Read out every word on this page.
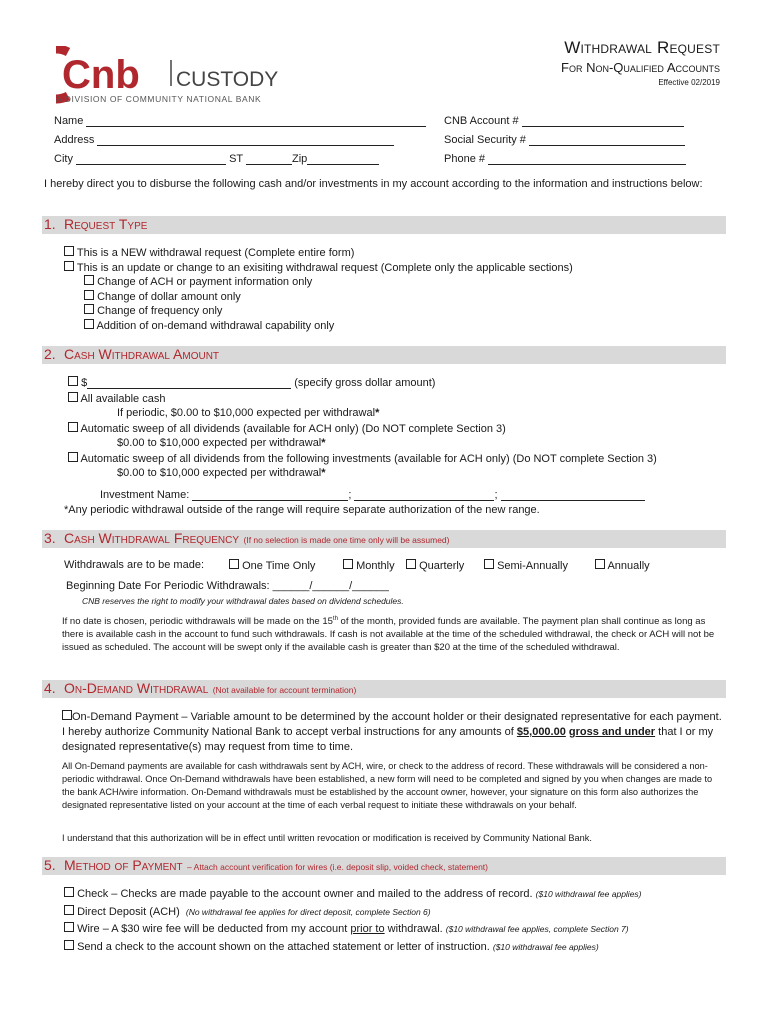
Cnb CUSTODY
A DIVISION OF COMMUNITY NATIONAL BANK
Withdrawal Request
For Non-Qualified Accounts
Effective 02/2019
Name	CNB Account #
Address	Social Security #
City	ST	Zip	Phone #
I hereby direct you to disburse the following cash and/or investments in my account according to the information and instructions below:
1. Request Type
This is a NEW withdrawal request (Complete entire form)
This is an update or change to an exisiting withdrawal request (Complete only the applicable sections)
Change of ACH or payment information only
Change of dollar amount only
Change of frequency only
Addition of on-demand withdrawal capability only
2. Cash Withdrawal Amount
$	(specify gross dollar amount)
All available cash
If periodic, $0.00 to $10,000 expected per withdrawal*
Automatic sweep of all dividends (available for ACH only) (Do NOT complete Section 3)
$0.00 to $10,000 expected per withdrawal*
Automatic sweep of all dividends from the following investments (available for ACH only) (Do NOT complete Section 3)
$0.00 to $10,000 expected per withdrawal*
Investment Name:	;	;
*Any periodic withdrawal outside of the range will require separate authorization of the new range.
3. Cash Withdrawal Frequency (If no selection is made one time only will be assumed)
Withdrawals are to be made:	One Time Only	Monthly	Quarterly	Semi-Annually	Annually
Beginning Date For Periodic Withdrawals: ______/______/______
CNB reserves the right to modify your withdrawal dates based on dividend schedules.
If no date is chosen, periodic withdrawals will be made on the 15th of the month, provided funds are available. The payment plan shall continue as long as there is available cash in the account to fund such withdrawals. If cash is not available at the time of the scheduled withdrawal, the check or ACH will not be issued as scheduled. The account will be swept only if the available cash is greater than $20 at the time of the scheduled withdrawal.
4. On-Demand Withdrawal (Not available for account termination)
On-Demand Payment – Variable amount to be determined by the account holder or their designated representative for each payment. I hereby authorize Community National Bank to accept verbal instructions for any amounts of $5,000.00 gross and under that I or my designated representative(s) may request from time to time.
All On-Demand payments are available for cash withdrawals sent by ACH, wire, or check to the address of record. These withdrawals will be considered a non-periodic withdrawal. Once On-Demand withdrawals have been established, a new form will need to be completed and signed by you when changes are made to the bank ACH/wire information. On-Demand withdrawals must be established by the account owner, however, your signature on this form also authorizes the designated representative listed on your account at the time of each verbal request to initiate these withdrawals on your behalf.
I understand that this authorization will be in effect until written revocation or modification is received by Community National Bank.
5. Method of Payment – Attach account verification for wires (i.e. deposit slip, voided check, statement)
Check – Checks are made payable to the account owner and mailed to the address of record. ($10 withdrawal fee applies)
Direct Deposit (ACH) (No withdrawal fee applies for direct deposit, complete Section 6)
Wire – A $30 wire fee will be deducted from my account prior to withdrawal. ($10 withdrawal fee applies, complete Section 7)
Send a check to the account shown on the attached statement or letter of instruction. ($10 withdrawal fee applies)
